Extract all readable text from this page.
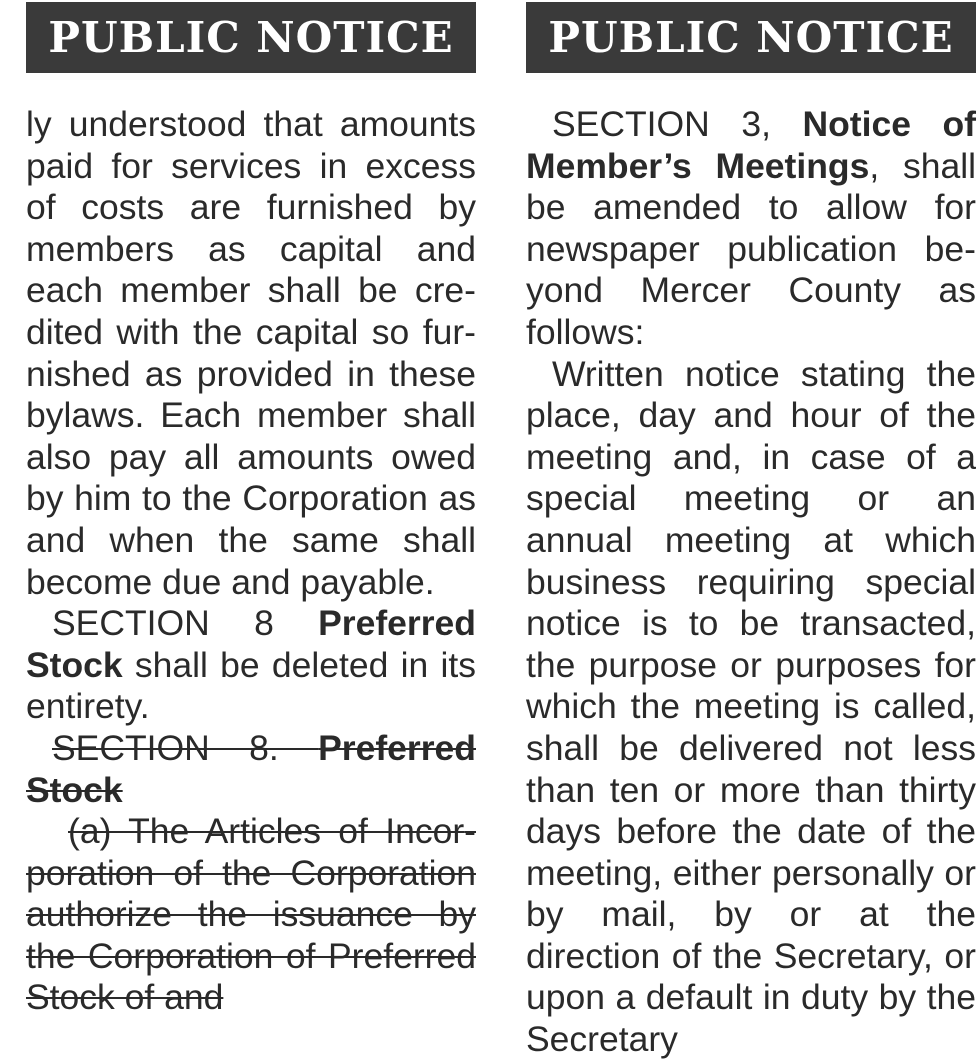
PUBLIC NOTICE

ly understood that amounts paid for services in excess of costs are furnished by members as capital and each member shall be credited with the capital so furnished as provided in these bylaws. Each member shall also pay all amounts owed by him to the Corporation as and when the same shall become due and payable.

SECTION 8 Preferred Stock shall be deleted in its entirety.

SECTION 8. Preferred Stock

(a) The Articles of Incorporation of the Corporation authorize the issuance by the Corporation of Preferred Stock of and

PUBLIC NOTICE

SECTION 3, Notice of Member’s Meetings, shall be amended to allow for newspaper publication beyond Mercer County as follows:

Written notice stating the place, day and hour of the meeting and, in case of a special meeting or an annual meeting at which business requiring special notice is to be transacted, the purpose or purposes for which the meeting is called, shall be delivered not less than ten or more than thirty days before the date of the meeting, either personally or by mail, by or at the direction of the Secretary, or upon a default in duty by the Secretary
